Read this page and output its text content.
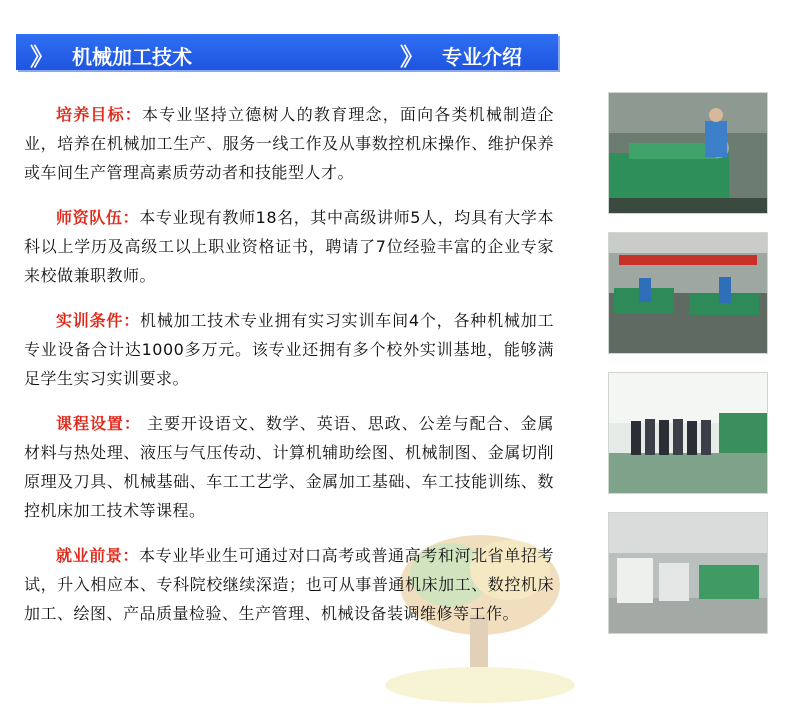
》 机械加工技术	》 专业介绍

培养目标：本专业坚持立德树人的教育理念，面向各类机械制造企业，培养在机械加工生产、服务一线工作及从事数控机床操作、维护保养或车间生产管理高素质劳动者和技能型人才。

师资队伍：本专业现有教师18名，其中高级讲师5人，均具有大学本科以上学历及高级工以上职业资格证书，聘请了7位经验丰富的企业专家来校做兼职教师。

实训条件：机械加工技术专业拥有实习实训车间4个，各种机械加工专业设备合计达1000多万元。该专业还拥有多个校外实训基地，能够满足学生实习实训要求。

课程设置： 主要开设语文、数学、英语、思政、公差与配合、金属材料与热处理、液压与气压传动、计算机辅助绘图、机械制图、金属切削原理及刀具、机械基础、车工工艺学、金属加工基础、车工技能训练、数控机床加工技术等课程。

就业前景：本专业毕业生可通过对口高考或普通高考和河北省单招考试，升入相应本、专科院校继续深造；也可从事普通机床加工、数控机床加工、绘图、产品质量检验、生产管理、机械设备装调维修等工作。
